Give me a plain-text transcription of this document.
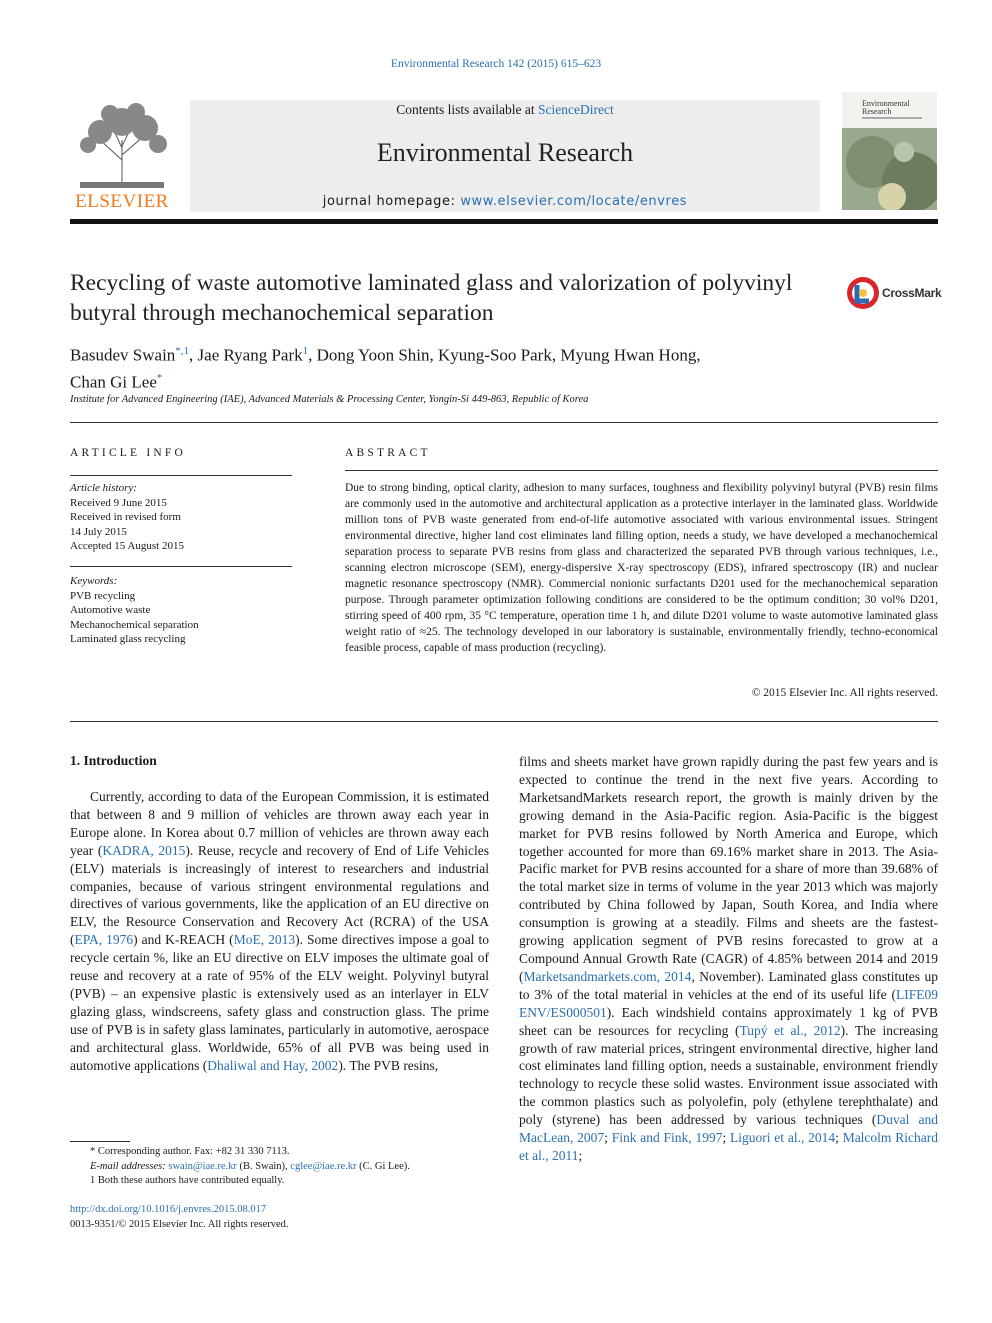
Environmental Research 142 (2015) 615–623
ELSEVIER
Contents lists available at ScienceDirect
Environmental Research
journal homepage: www.elsevier.com/locate/envres
Environmental
Research
Recycling of waste automotive laminated glass and valorization of polyvinyl butyral through mechanochemical separation
CrossMark
Basudev Swain$^{*,1}$, Jae Ryang Park$^1$, Dong Yoon Shin, Kyung-Soo Park, Myung Hwan Hong,
Chan Gi Lee*
Institute for Advanced Engineering (IAE), Advanced Materials & Processing Center, Yongin-Si 449-863, Republic of Korea
ARTICLE INFO
Article history:
Received 9 June 2015
Received in revised form
14 July 2015
Accepted 15 August 2015
Keywords:
PVB recycling
Automotive waste
Mechanochemical separation
Laminated glass recycling
ABSTRACT
Due to strong binding, optical clarity, adhesion to many surfaces, toughness and flexibility polyvinyl butyral (PVB) resin films are commonly used in the automotive and architectural application as a protective interlayer in the laminated glass. Worldwide million tons of PVB waste generated from end-of-life automotive associated with various environmental issues. Stringent environmental directive, higher land cost eliminates land filling option, needs a study, we have developed a mechanochemical separation process to separate PVB resins from glass and characterized the separated PVB through various techniques, i.e., scanning electron microscope (SEM), energy-dispersive X-ray spectroscopy (EDS), infrared spectroscopy (IR) and nuclear magnetic resonance spectroscopy (NMR). Commercial nonionic surfactants D201 used for the mechanochemical separation purpose. Through parameter optimization following conditions are considered to be the optimum condition; 30 vol% D201, stirring speed of 400 rpm, 35 °C temperature, operation time 1 h, and dilute D201 volume to waste automotive laminated glass weight ratio of ≈25. The technology developed in our laboratory is sustainable, environmentally friendly, techno-economical feasible process, capable of mass production (recycling).
© 2015 Elsevier Inc. All rights reserved.
1. Introduction

Currently, according to data of the European Commission, it is estimated that between 8 and 9 million of vehicles are thrown away each year in Europe alone. In Korea about 0.7 million of vehicles are thrown away each year (KADRA, 2015). Reuse, recycle and recovery of End of Life Vehicles (ELV) materials is increasingly of interest to researchers and industrial companies, because of various stringent environmental regulations and directives of various governments, like the application of an EU directive on ELV, the Resource Conservation and Recovery Act (RCRA) of the USA (EPA, 1976) and K-REACH (MoE, 2013). Some directives impose a goal to recycle certain %, like an EU directive on ELV imposes the ultimate goal of reuse and recovery at a rate of 95% of the ELV weight. Polyvinyl butyral (PVB) – an expensive plastic is extensively used as an interlayer in ELV glazing glass, windscreens, safety glass and construction glass. The prime use of PVB is in safety glass laminates, particularly in automotive, aerospace and architectural glass. Worldwide, 65% of all PVB was being used in automotive applications (Dhaliwal and Hay, 2002). The PVB resins,

films and sheets market have grown rapidly during the past few years and is expected to continue the trend in the next five years. According to MarketsandMarkets research report, the growth is mainly driven by the growing demand in the Asia-Pacific region. Asia-Pacific is the biggest market for PVB resins followed by North America and Europe, which together accounted for more than 69.16% market share in 2013. The Asia-Pacific market for PVB resins accounted for a share of more than 39.68% of the total market size in terms of volume in the year 2013 which was majorly contributed by China followed by Japan, South Korea, and India where consumption is growing at a steadily. Films and sheets are the fastest-growing application segment of PVB resins forecasted to grow at a Compound Annual Growth Rate (CAGR) of 4.85% between 2014 and 2019 (Marketsandmarkets.com, 2014, November). Laminated glass constitutes up to 3% of the total material in vehicles at the end of its useful life (LIFE09 ENV/ES000501). Each windshield contains approximately 1 kg of PVB sheet can be resources for recycling (Tupý et al., 2012). The increasing growth of raw material prices, stringent environmental directive, higher land cost eliminates land filling option, needs a sustainable, environment friendly technology to recycle these solid wastes. Environment issue associated with the common plastics such as polyolefin, poly (ethylene terephthalate) and poly (styrene) has been addressed by various techniques (Duval and MacLean, 2007; Fink and Fink, 1997; Liguori et al., 2014; Malcolm Richard et al., 2011;

* Corresponding author. Fax: +82 31 330 7113.
E-mail addresses: swain@iae.re.kr (B. Swain), cglee@iae.re.kr (C. Gi Lee).
1 Both these authors have contributed equally.
http://dx.doi.org/10.1016/j.envres.2015.08.017
0013-9351/© 2015 Elsevier Inc. All rights reserved.
